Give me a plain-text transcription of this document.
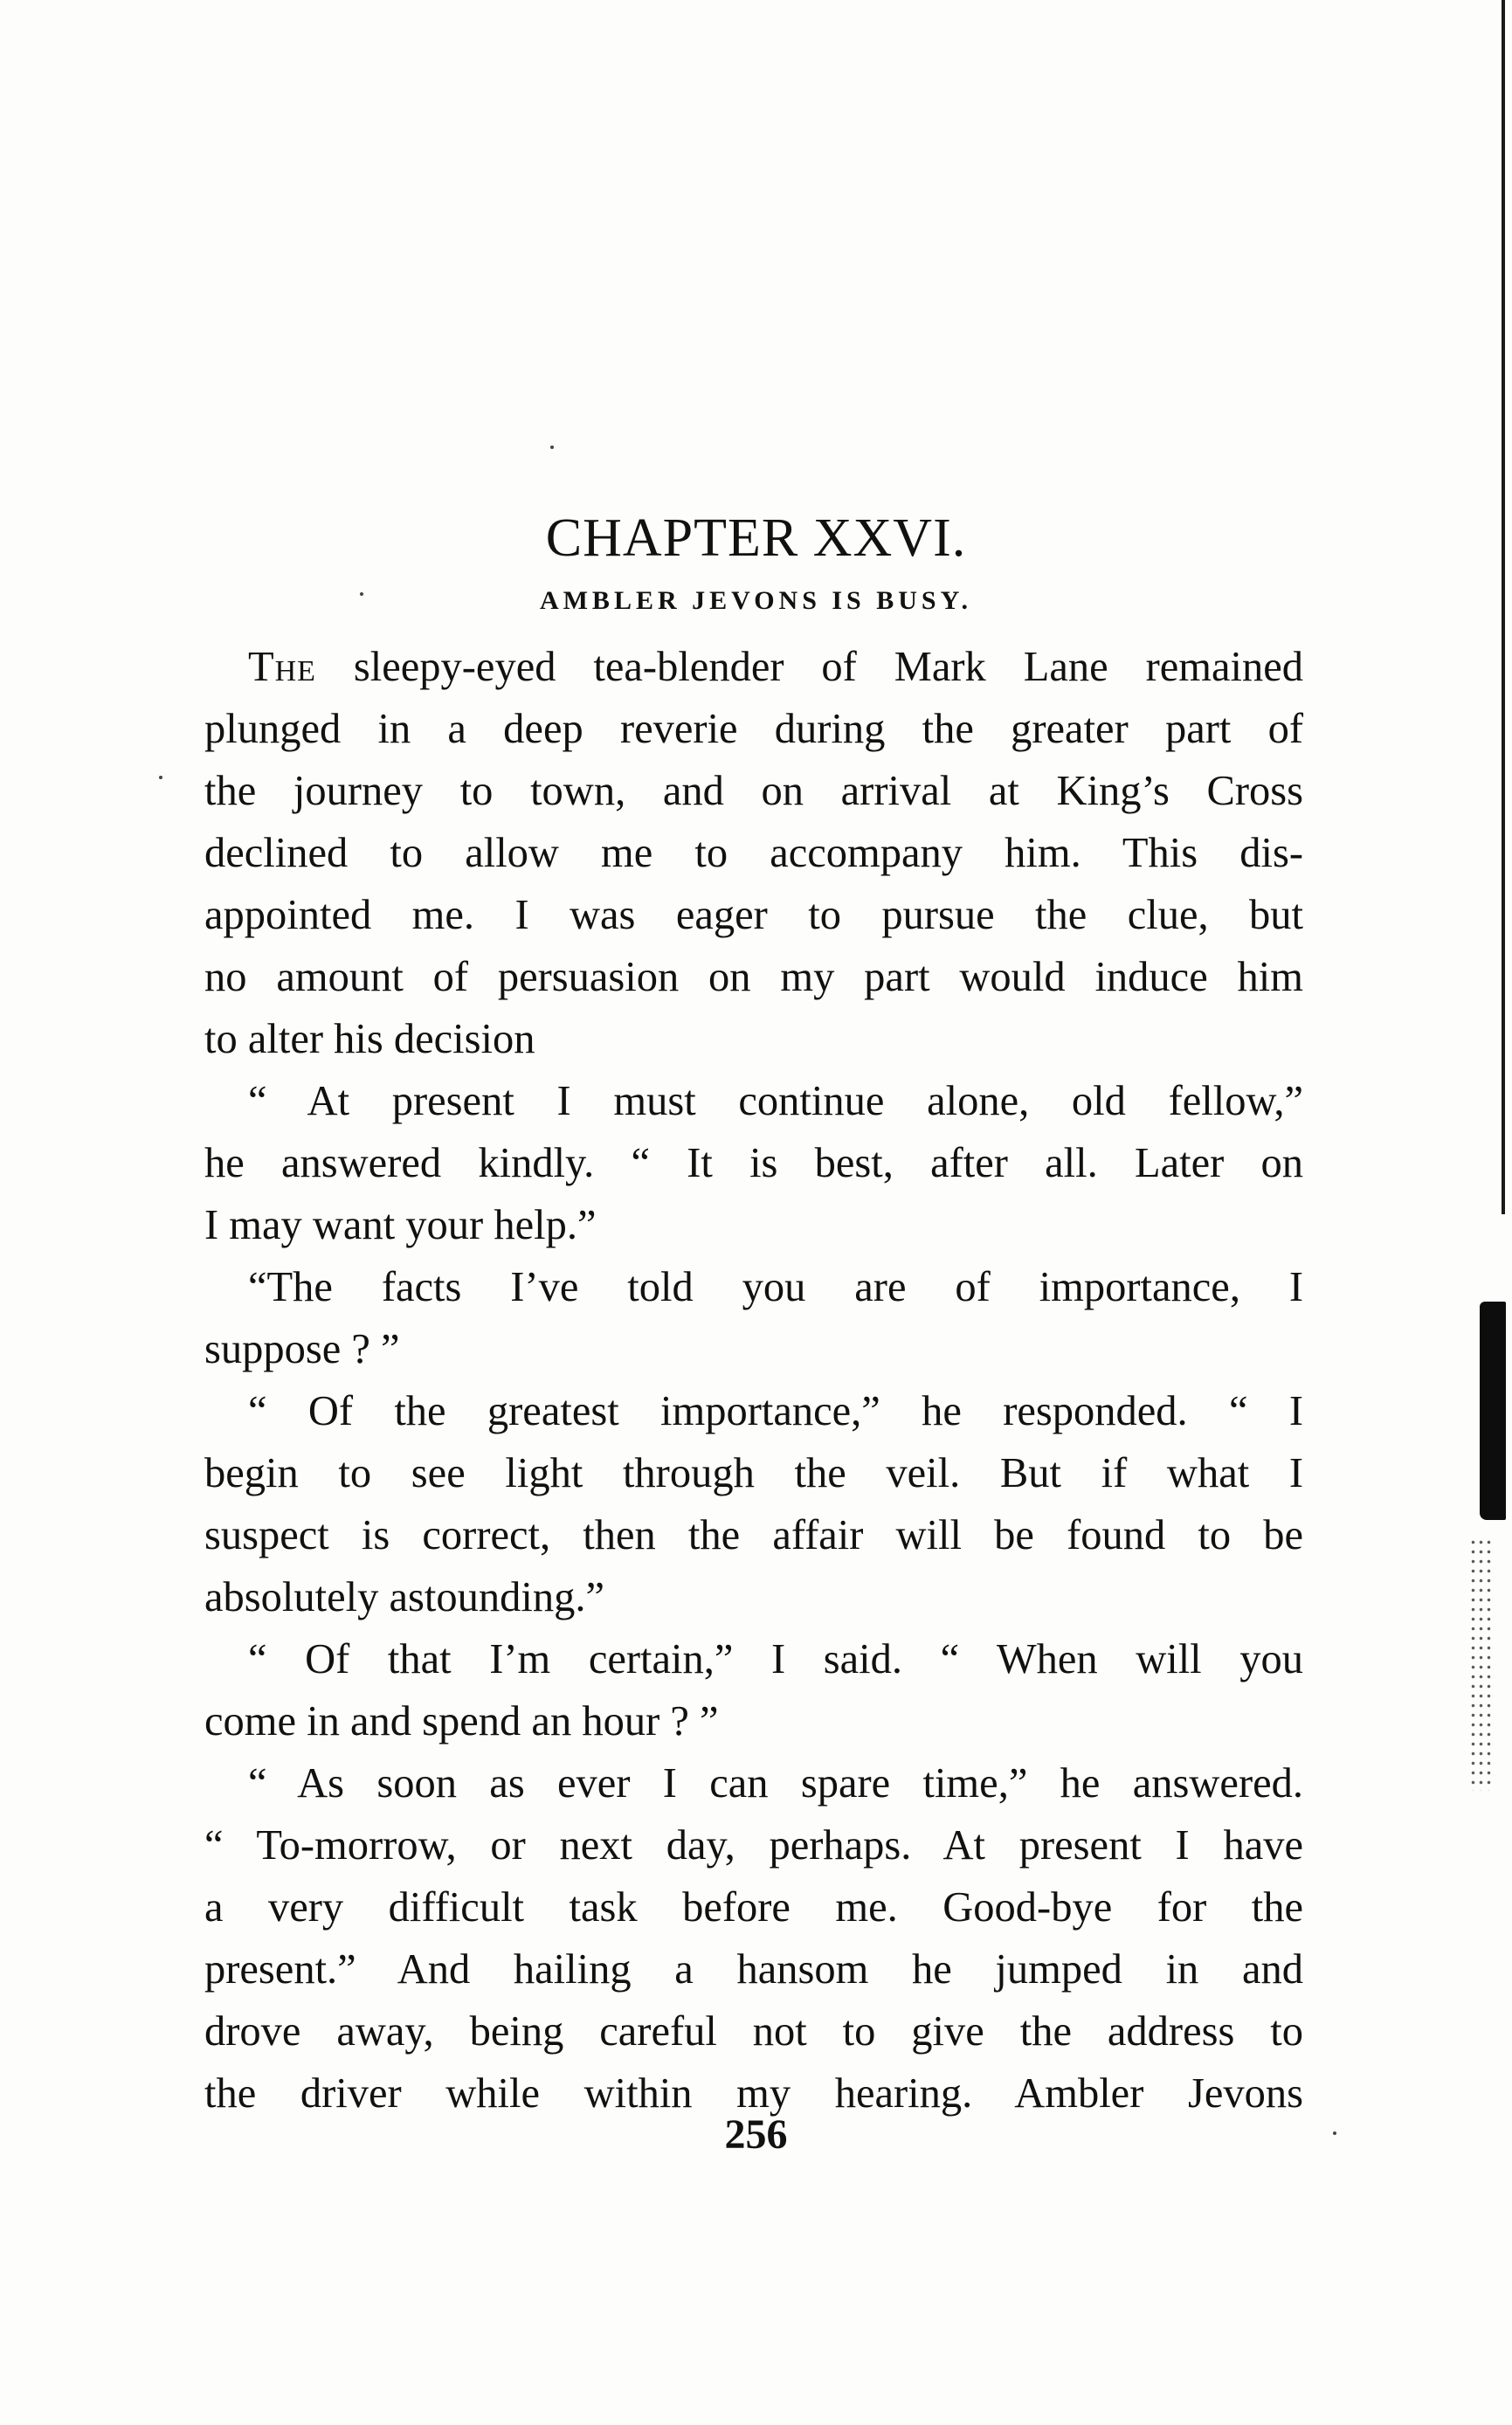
CHAPTER XXVI.
AMBLER JEVONS IS BUSY.
The sleepy-eyed tea-blender of Mark Lane remained
plunged in a deep reverie during the greater part of
the journey to town, and on arrival at King’s Cross
declined to allow me to accompany him. This dis-
appointed me. I was eager to pursue the clue, but
no amount of persuasion on my part would induce him
to alter his decision
“ At present I must continue alone, old fellow,”
he answered kindly. “ It is best, after all. Later on
I may want your help.”
“The facts I’ve told you are of importance, I
suppose ? ”
“ Of the greatest importance,” he responded. “ I
begin to see light through the veil. But if what I
suspect is correct, then the affair will be found to be
absolutely astounding.”
“ Of that I’m certain,” I said. “ When will you
come in and spend an hour ? ”
“ As soon as ever I can spare time,” he answered.
“ To-morrow, or next day, perhaps. At present I have
a very difficult task before me. Good-bye for the
present.” And hailing a hansom he jumped in and
drove away, being careful not to give the address to
the driver while within my hearing. Ambler Jevons
256
